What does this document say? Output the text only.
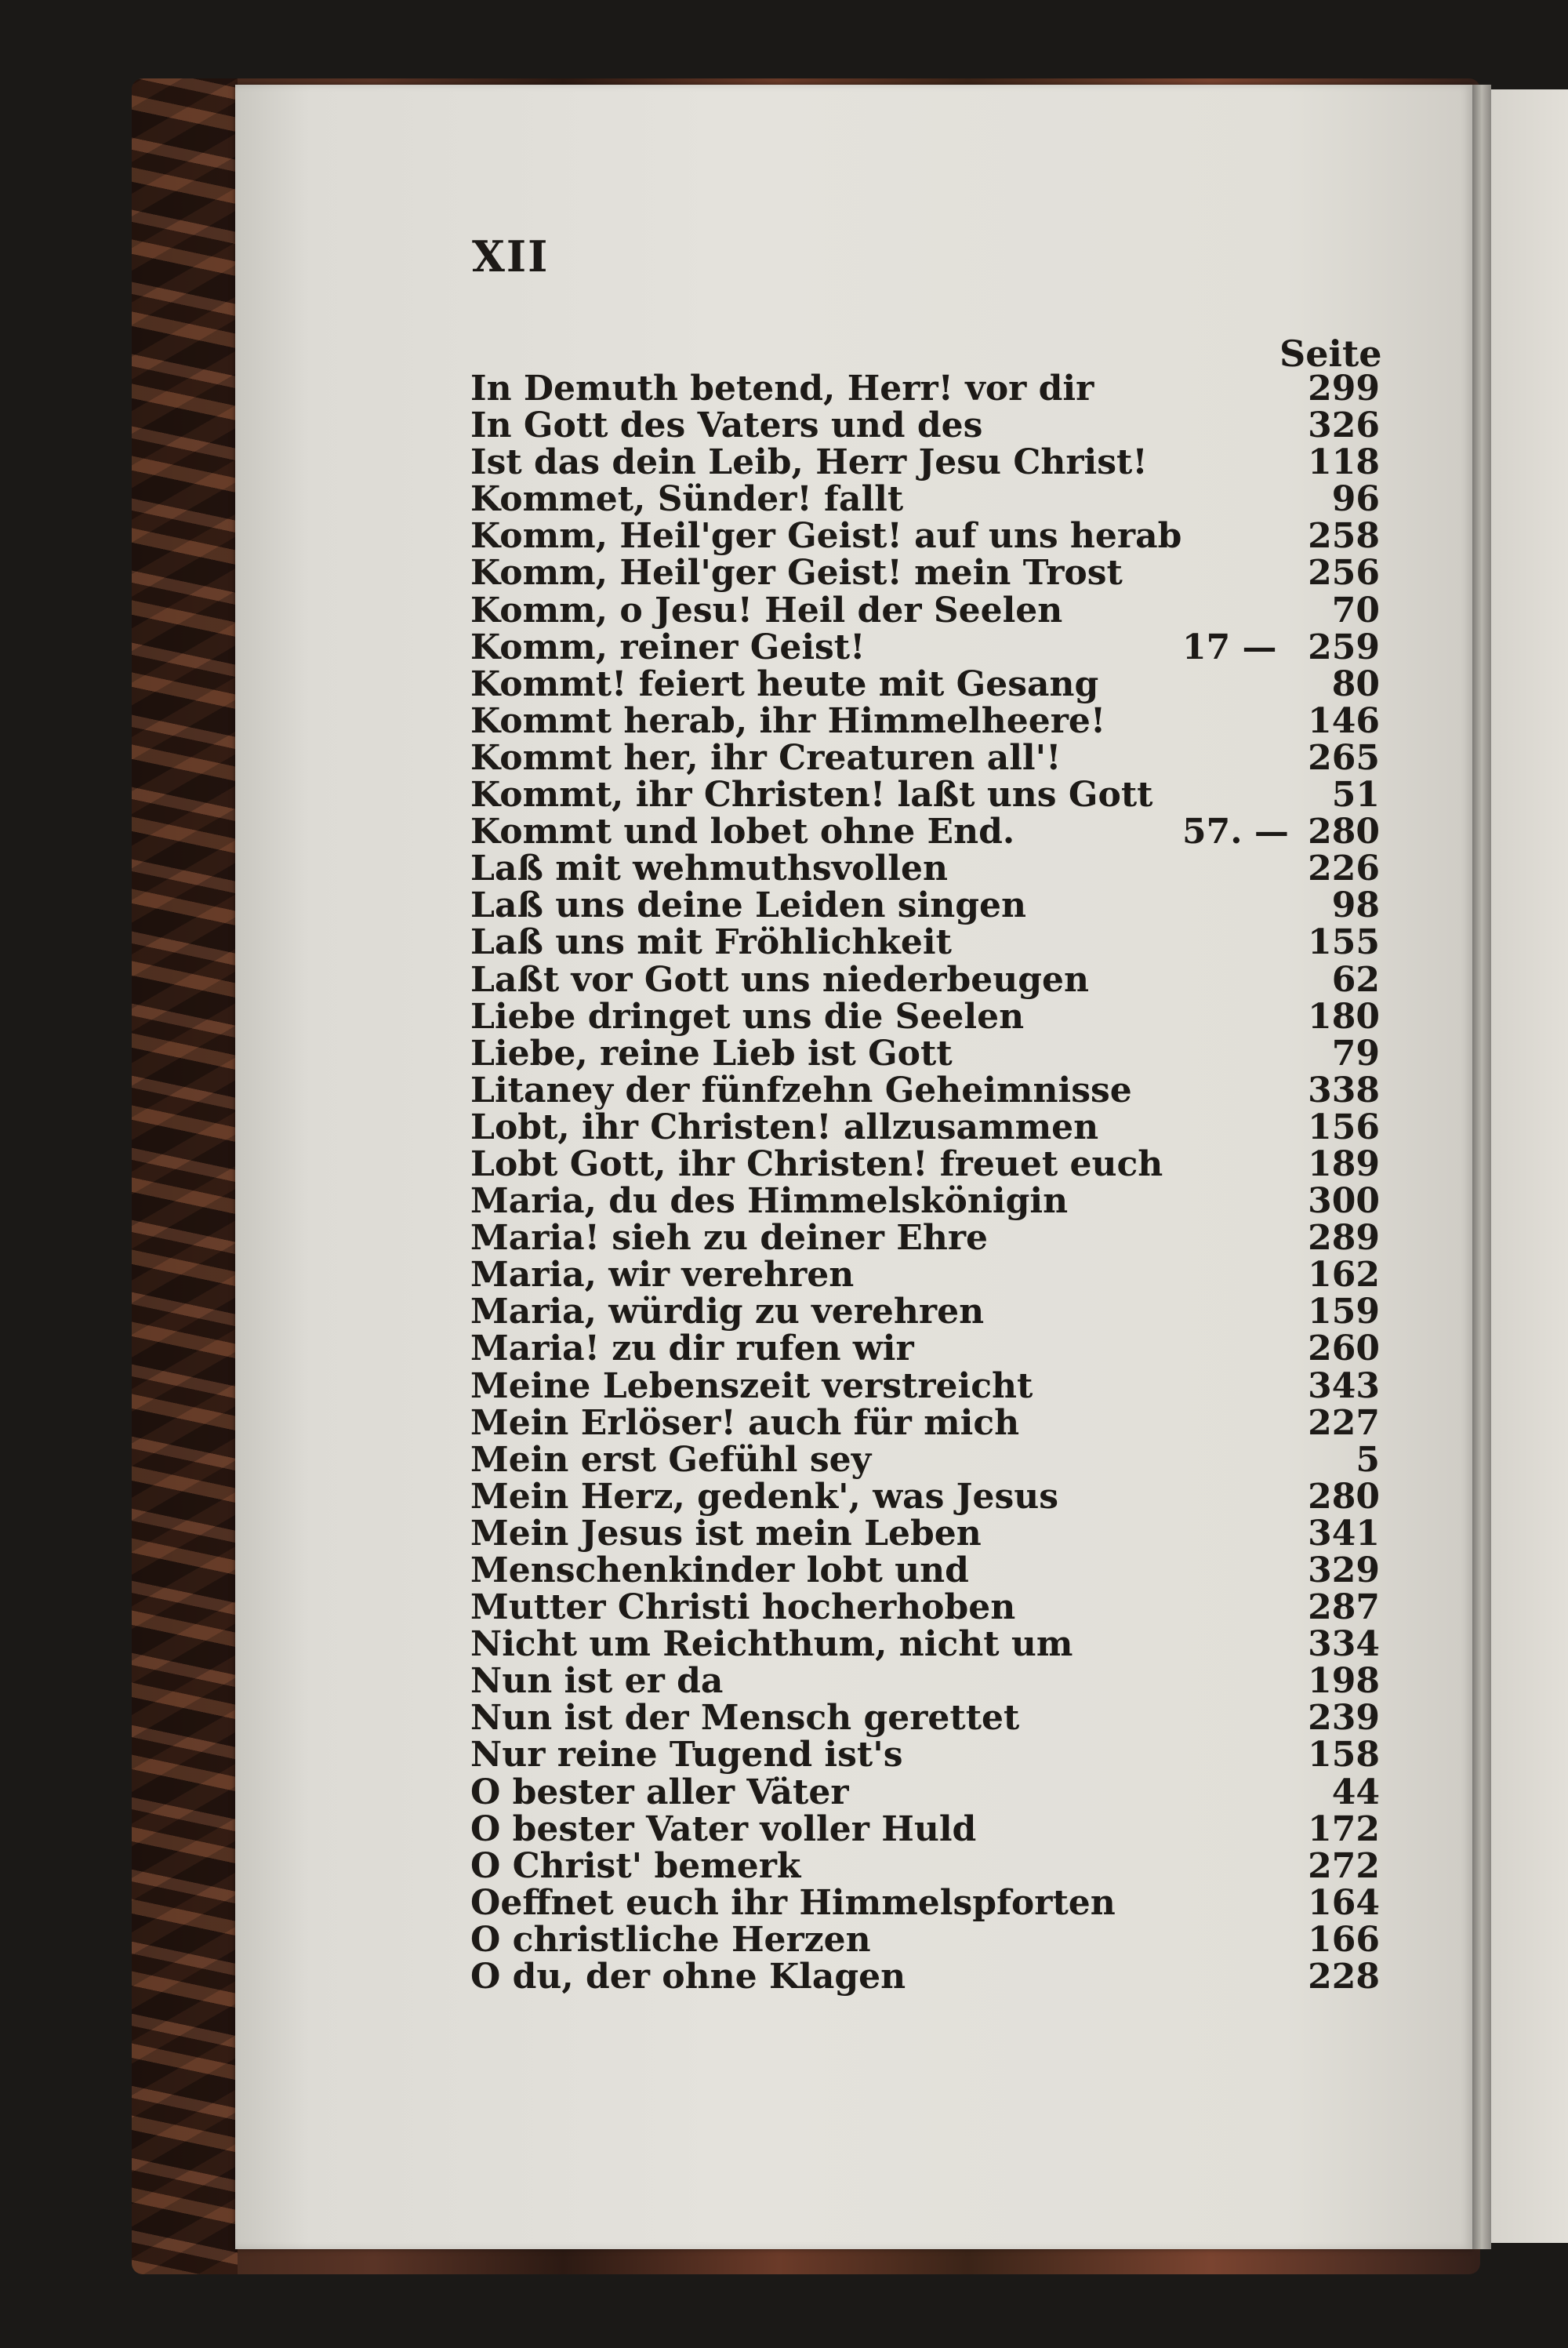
XII
Seite
In Demuth betend, Herr! vor dir	299
In Gott des Vaters und des	326
Ist das dein Leib, Herr Jesu Christ!	118
Kommet, Sünder! fallt	96
Komm, Heil'ger Geist! auf uns herab	258
Komm, Heil'ger Geist! mein Trost	256
Komm, o Jesu! Heil der Seelen	70
Komm, reiner Geist!	17 — 259
Kommt! feiert heute mit Gesang	80
Kommt herab, ihr Himmelheere!	146
Kommt her, ihr Creaturen all'!	265
Kommt, ihr Christen! laßt uns Gott	51
Kommt und lobet ohne End.	57. — 280
Laß mit wehmuthsvollen	226
Laß uns deine Leiden singen	98
Laß uns mit Fröhlichkeit	155
Laßt vor Gott uns niederbeugen	62
Liebe dringet uns die Seelen	180
Liebe, reine Lieb ist Gott	79
Litaney der fünfzehn Geheimnisse	338
Lobt, ihr Christen! allzusammen	156
Lobt Gott, ihr Christen! freuet euch	189
Maria, du des Himmelskönigin	300
Maria! sieh zu deiner Ehre	289
Maria, wir verehren	162
Maria, würdig zu verehren	159
Maria! zu dir rufen wir	260
Meine Lebenszeit verstreicht	343
Mein Erlöser! auch für mich	227
Mein erst Gefühl sey	5
Mein Herz, gedenk', was Jesus	280
Mein Jesus ist mein Leben	341
Menschenkinder lobt und	329
Mutter Christi hocherhoben	287
Nicht um Reichthum, nicht um	334
Nun ist er da	198
Nun ist der Mensch gerettet	239
Nur reine Tugend ist's	158
O bester aller Väter	44
O bester Vater voller Huld	172
O Christ' bemerk	272
Oeffnet euch ihr Himmelspforten	164
O christliche Herzen	166
O du, der ohne Klagen	228
